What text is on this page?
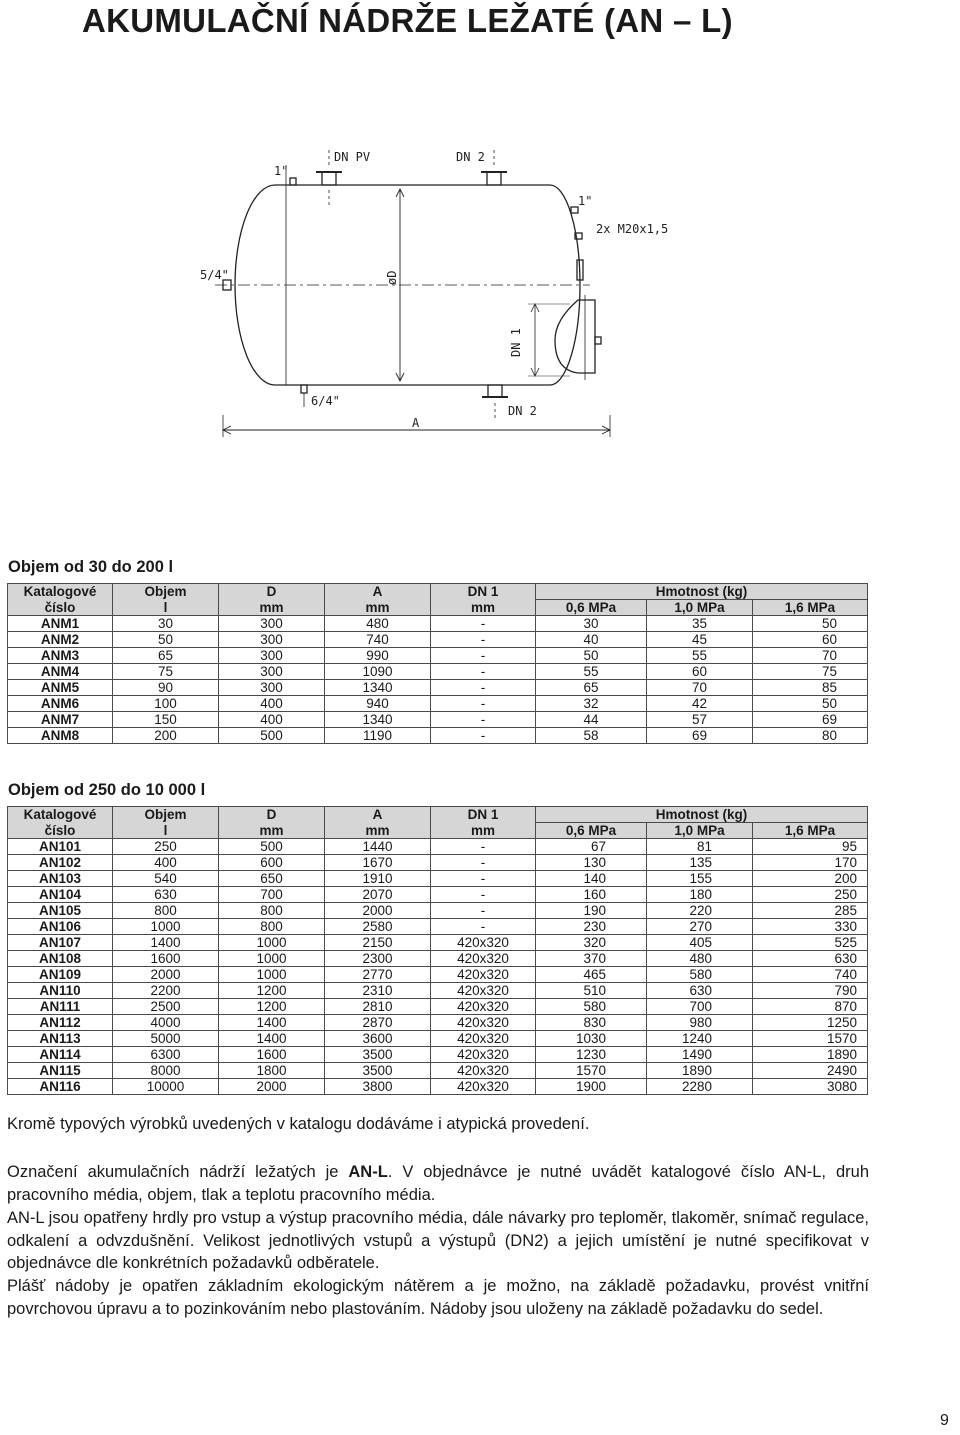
AKUMULAČNÍ NÁDRŽE LEŽATÉ (AN – L)
DN PV	DN 2
1"
1"
2x M20x1,5
5/4"
6/4"
DN 2
A
øD
DN 1
Objem od 30 do 200 l
Katalogové	Objem	D	A	DN 1	Hmotnost (kg)		
číslo	l	mm	mm	mm	0,6 MPa	1,0 MPa	1,6 MPa
ANM1	30	300	480	-	30	35	50
ANM2	50	300	740	-	40	45	60
ANM3	65	300	990	-	50	55	70
ANM4	75	300	1090	-	55	60	75
ANM5	90	300	1340	-	65	70	85
ANM6	100	400	940	-	32	42	50
ANM7	150	400	1340	-	44	57	69
ANM8	200	500	1190	-	58	69	80
Objem od 250 do 10 000 l
Katalogové	Objem	D	A	DN 1	Hmotnost (kg)		
číslo	l	mm	mm	mm	0,6 MPa	1,0 MPa	1,6 MPa
AN101	250	500	1440	-	67	81	95
AN102	400	600	1670	-	130	135	170
AN103	540	650	1910	-	140	155	200
AN104	630	700	2070	-	160	180	250
AN105	800	800	2000	-	190	220	285
AN106	1000	800	2580	-	230	270	330
AN107	1400	1000	2150	420x320	320	405	525
AN108	1600	1000	2300	420x320	370	480	630
AN109	2000	1000	2770	420x320	465	580	740
AN110	2200	1200	2310	420x320	510	630	790
AN111	2500	1200	2810	420x320	580	700	870
AN112	4000	1400	2870	420x320	830	980	1250
AN113	5000	1400	3600	420x320	1030	1240	1570
AN114	6300	1600	3500	420x320	1230	1490	1890
AN115	8000	1800	3500	420x320	1570	1890	2490
AN116	10000	2000	3800	420x320	1900	2280	3080
Kromě typových výrobků uvedených v katalogu dodáváme i atypická provedení.
Označení akumulačních nádrží ležatých je AN-L. V objednávce je nutné uvádět katalogové číslo AN-L, druh pracovního média, objem, tlak a teplotu pracovního média.
AN-L jsou opatřeny hrdly pro vstup a výstup pracovního média, dále návarky pro teploměr, tlakoměr, snímač regulace, odkalení a odvzdušnění. Velikost jednotlivých vstupů a výstupů (DN2) a jejich umístění je nutné specifikovat v objednávce dle konkrétních požadavků odběratele.
Plášť nádoby je opatřen základním ekologickým nátěrem a je možno, na základě požadavku, provést vnitřní povrchovou úpravu a to pozinkováním nebo plastováním. Nádoby jsou uloženy na základě požadavku do sedel.
9
